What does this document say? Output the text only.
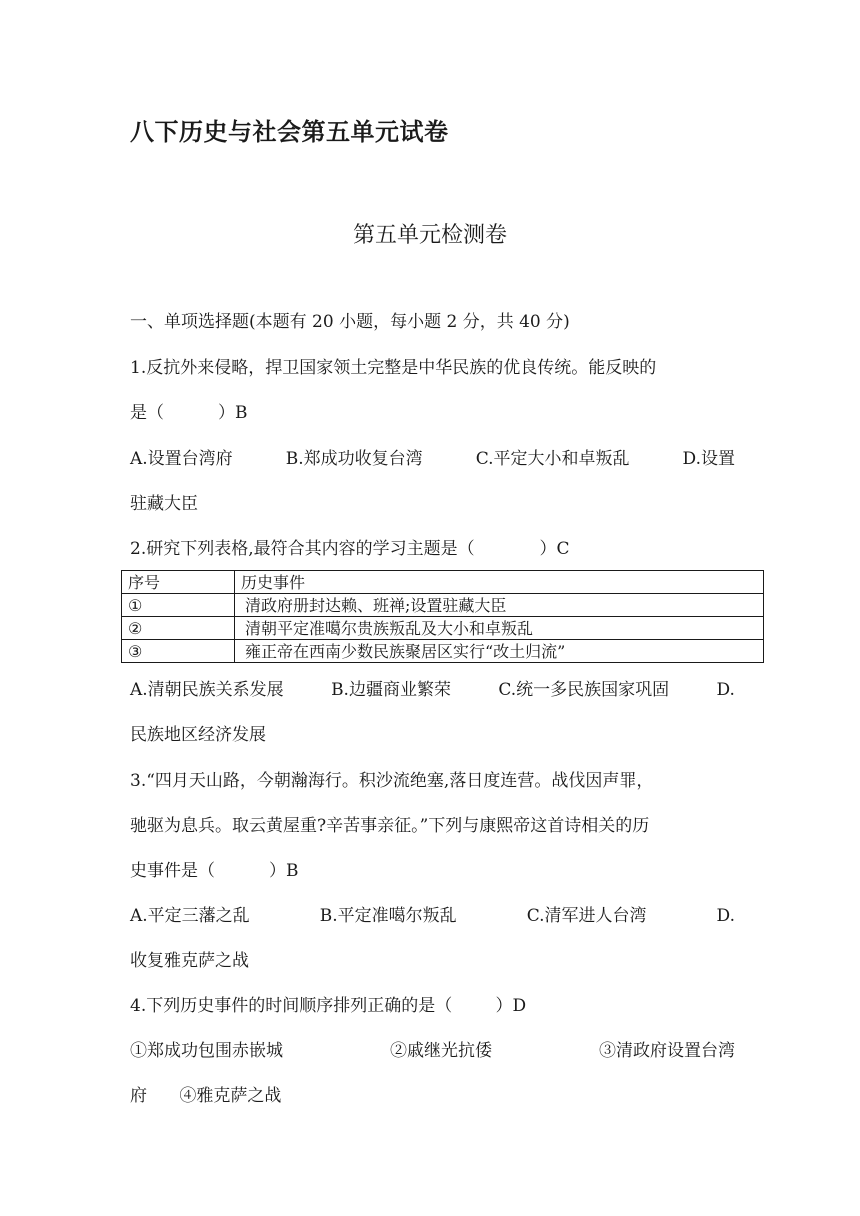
八下历史与社会第五单元试卷
第五单元检测卷
一、单项选择题(本题有 20 小题，每小题 2 分，共 40 分)
1.反抗外来侵略，捍卫国家领土完整是中华民族的优良传统。能反映的
是（          ）B
A.设置台湾府	B.郑成功收复台湾	C.平定大小和卓叛乱	D.设置
驻藏大臣
2.研究下列表格,最符合其内容的学习主题是（            ）C
序号	历史事件
①	清政府册封达赖、班禅;设置驻藏大臣
②	清朝平定准噶尔贵族叛乱及大小和卓叛乱
③	雍正帝在西南少数民族聚居区实行“改土归流”
A.清朝民族关系发展	B.边疆商业繁荣	C.统一多民族国家巩固	D.
民族地区经济发展
3.“四月天山路，今朝瀚海行。积沙流绝塞,落日度连营。战伐因声罪，
驰驱为息兵。取云黄屋重?辛苦事亲征。”下列与康熙帝这首诗相关的历
史事件是（          ）B
A.平定三藩之乱	B.平定准噶尔叛乱	C.清军进人台湾	D.
收复雅克萨之战
4.下列历史事件的时间顺序排列正确的是（        ）D
①郑成功包围赤嵌城	②戚继光抗倭	③清政府设置台湾
府      ④雅克萨之战
